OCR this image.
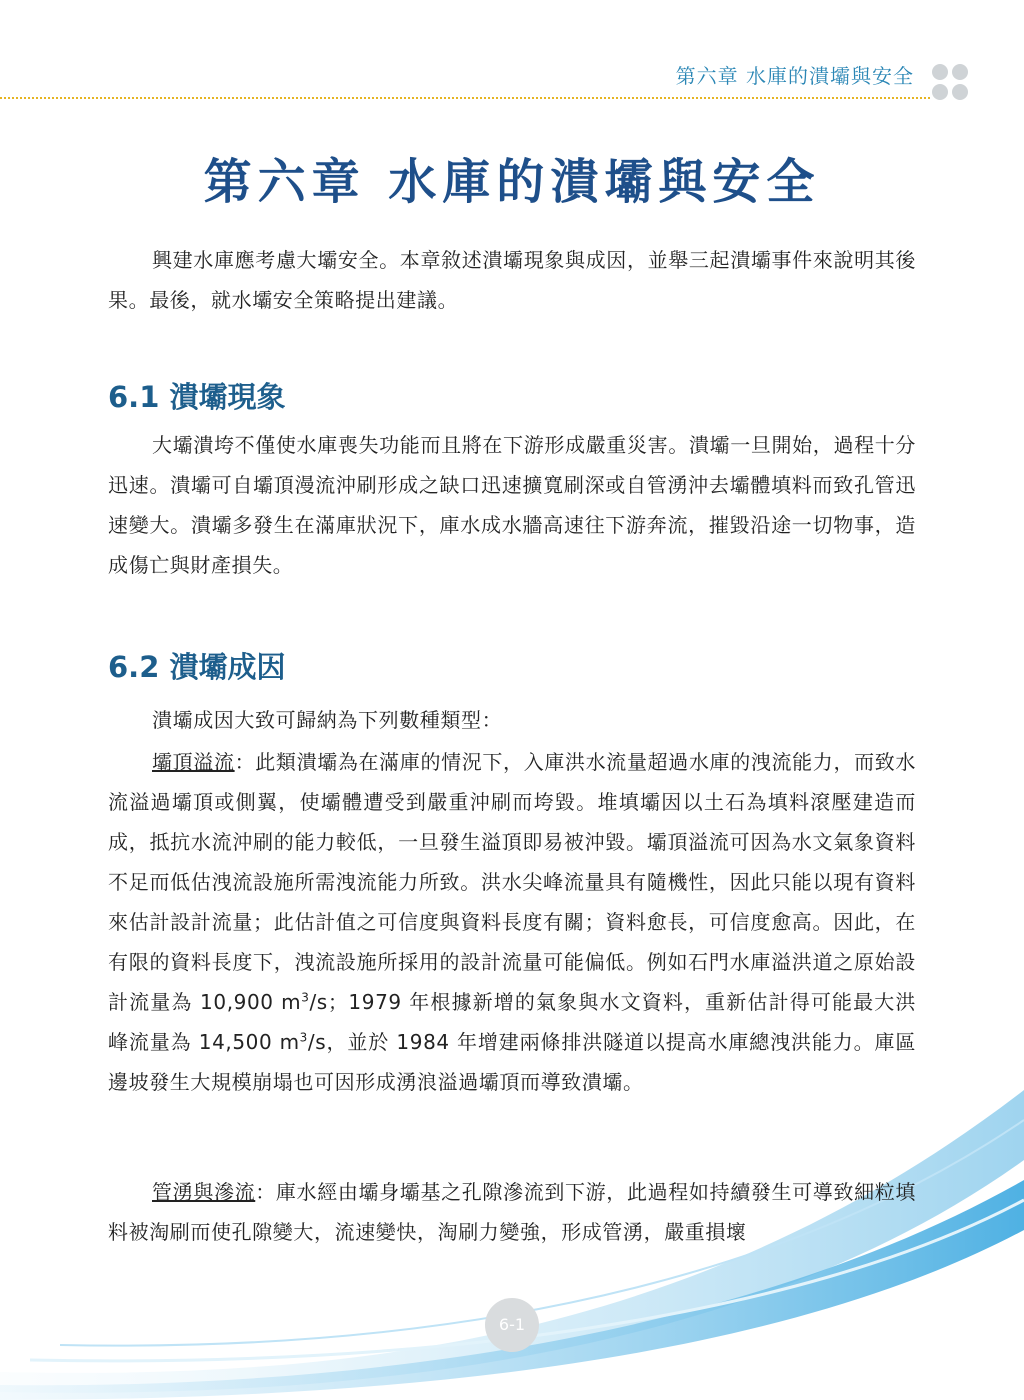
第六章 水庫的潰壩與安全
第六章 水庫的潰壩與安全

興建水庫應考慮大壩安全。本章敘述潰壩現象與成因，並舉三起潰壩事件來說明其後果。最後，就水壩安全策略提出建議。

6.1 潰壩現象

大壩潰垮不僅使水庫喪失功能而且將在下游形成嚴重災害。潰壩一旦開始，過程十分迅速。潰壩可自壩頂漫流沖刷形成之缺口迅速擴寬刷深或自管湧沖去壩體填料而致孔管迅速變大。潰壩多發生在滿庫狀況下，庫水成水牆高速往下游奔流，摧毀沿途一切物事，造成傷亡與財產損失。

6.2 潰壩成因

潰壩成因大致可歸納為下列數種類型：

壩頂溢流：此類潰壩為在滿庫的情況下，入庫洪水流量超過水庫的洩流能力，而致水流溢過壩頂或側翼，使壩體遭受到嚴重沖刷而垮毀。堆填壩因以土石為填料滾壓建造而成，抵抗水流沖刷的能力較低，一旦發生溢頂即易被沖毀。壩頂溢流可因為水文氣象資料不足而低估洩流設施所需洩流能力所致。洪水尖峰流量具有隨機性，因此只能以現有資料來估計設計流量；此估計值之可信度與資料長度有關；資料愈長，可信度愈高。因此，在有限的資料長度下，洩流設施所採用的設計流量可能偏低。例如石門水庫溢洪道之原始設計流量為 10,900 $m^3/s$；1979 年根據新增的氣象與水文資料，重新估計得可能最大洪峰流量為 14,500 $m^3/s$，並於 1984 年增建兩條排洪隧道以提高水庫總洩洪能力。庫區邊坡發生大規模崩塌也可因形成湧浪溢過壩頂而導致潰壩。

管湧與滲流：庫水經由壩身壩基之孔隙滲流到下游，此過程如持續發生可導致細粒填料被淘刷而使孔隙變大，流速變快，淘刷力變強，形成管湧，嚴重損壞

6-1
